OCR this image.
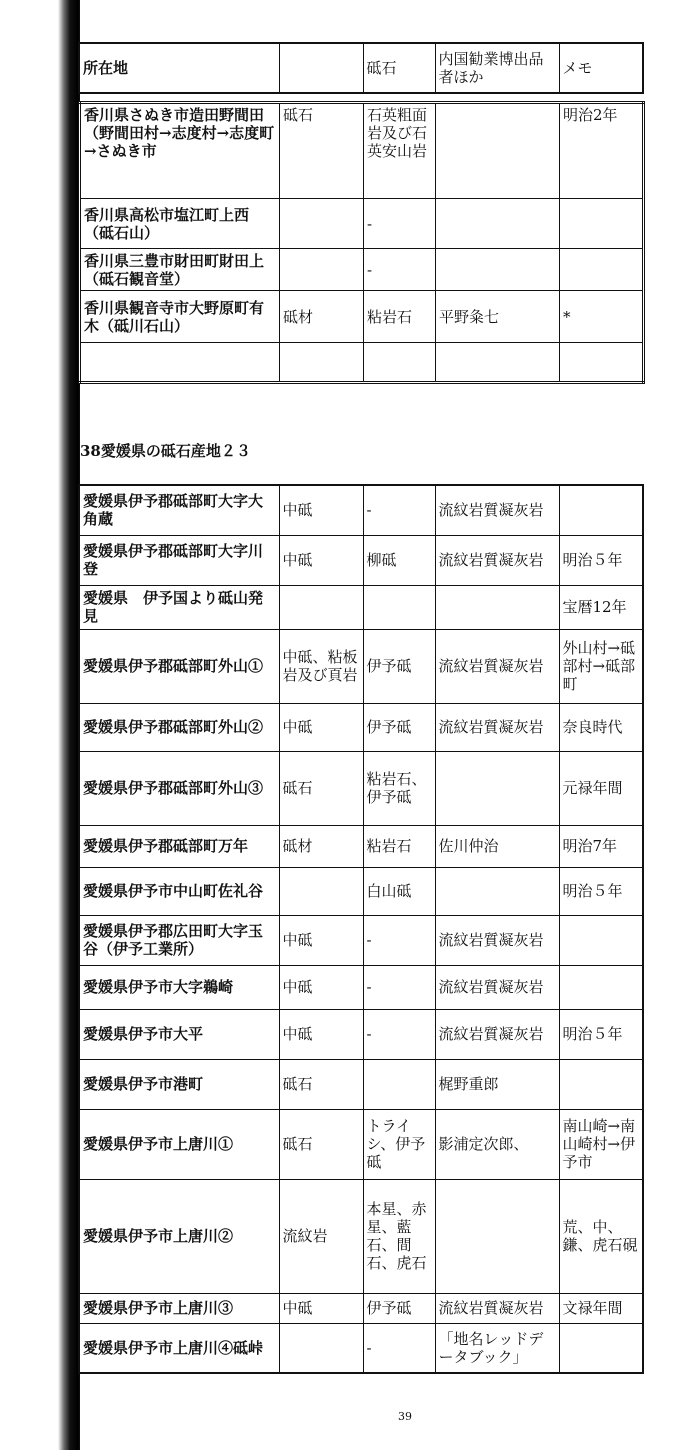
所在地		砥石	内国勧業博出品者ほか	メモ
香川県さぬき市造田野間田（野間田村→志度村→志度町→さぬき市	砥石	石英粗面岩及び石英安山岩		明治2年
香川県高松市塩江町上西（砥石山）		-		
香川県三豊市財田町財田上（砥石観音堂）		-		
香川県観音寺市大野原町有木（砥川石山）	砥材	粘岩石	平野粂七	*

38愛媛県の砥石産地２３
愛媛県伊予郡砥部町大字大角蔵	中砥	-	流紋岩質凝灰岩	
愛媛県伊予郡砥部町大字川登	中砥	柳砥	流紋岩質凝灰岩	明治５年
愛媛県　伊予国より砥山発見				宝暦12年
愛媛県伊予郡砥部町外山①	中砥、粘板岩及び頁岩	伊予砥	流紋岩質凝灰岩	外山村→砥部村→砥部町
愛媛県伊予郡砥部町外山②	中砥	伊予砥	流紋岩質凝灰岩	奈良時代
愛媛県伊予郡砥部町外山③	砥石	粘岩石、伊予砥		元禄年間
愛媛県伊予郡砥部町万年	砥材	粘岩石	佐川仲治	明治7年
愛媛県伊予市中山町佐礼谷		白山砥		明治５年
愛媛県伊予郡広田町大字玉谷（伊予工業所）	中砥	-	流紋岩質凝灰岩	
愛媛県伊予市大字鵜崎	中砥	-	流紋岩質凝灰岩	
愛媛県伊予市大平	中砥	-	流紋岩質凝灰岩	明治５年
愛媛県伊予市港町	砥石		梶野重郎	
愛媛県伊予市上唐川①	砥石	トライシ、伊予砥	影浦定次郎、	南山崎→南山崎村→伊予市
愛媛県伊予市上唐川②	流紋岩	本星、赤星、藍石、間石、虎石		荒、中、鎌、虎石硯
愛媛県伊予市上唐川③	中砥	伊予砥	流紋岩質凝灰岩	文禄年間
愛媛県伊予市上唐川④砥峠		-	「地名レッドデータブック」	
39
